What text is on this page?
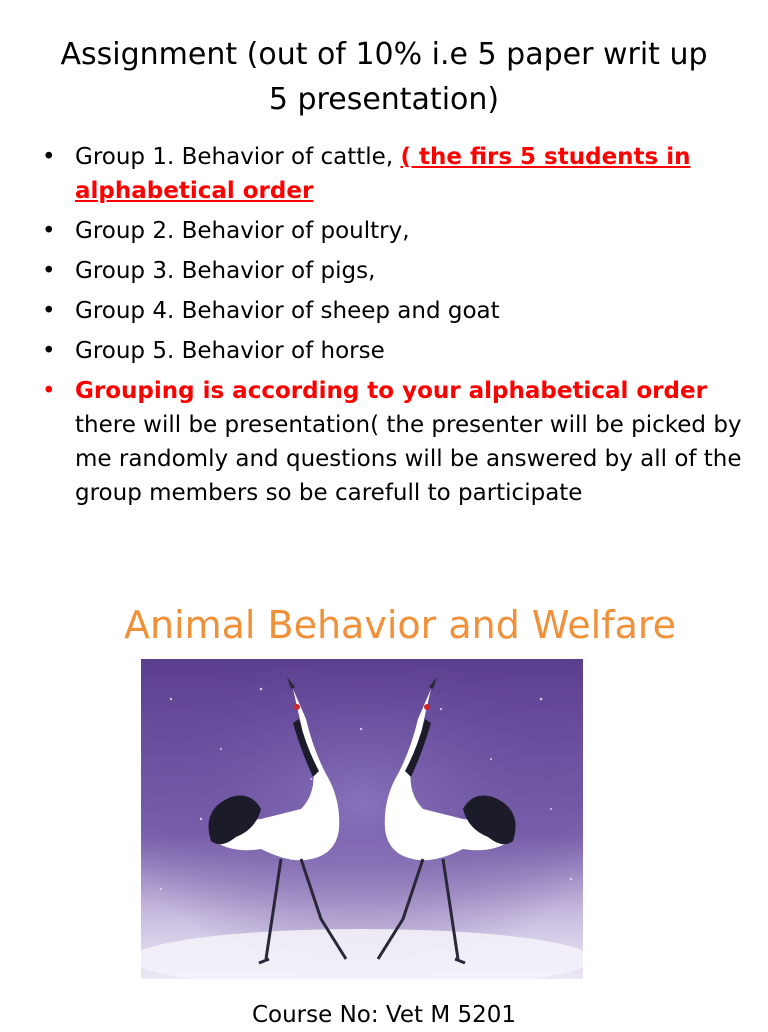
Assignment (out of 10% i.e 5 paper writ up
5 presentation)
• Group 1. Behavior of cattle, ( the firs 5 students in alphabetical order
• Group 2. Behavior of poultry,
• Group 3. Behavior of pigs,
• Group 4. Behavior of sheep and goat
• Group 5. Behavior of horse
• Grouping is according to your alphabetical order there will be presentation( the presenter will be picked by me randomly and questions will be answered by all of the group members so be carefull to participate
Animal Behavior and Welfare
Course No: Vet M 5201
